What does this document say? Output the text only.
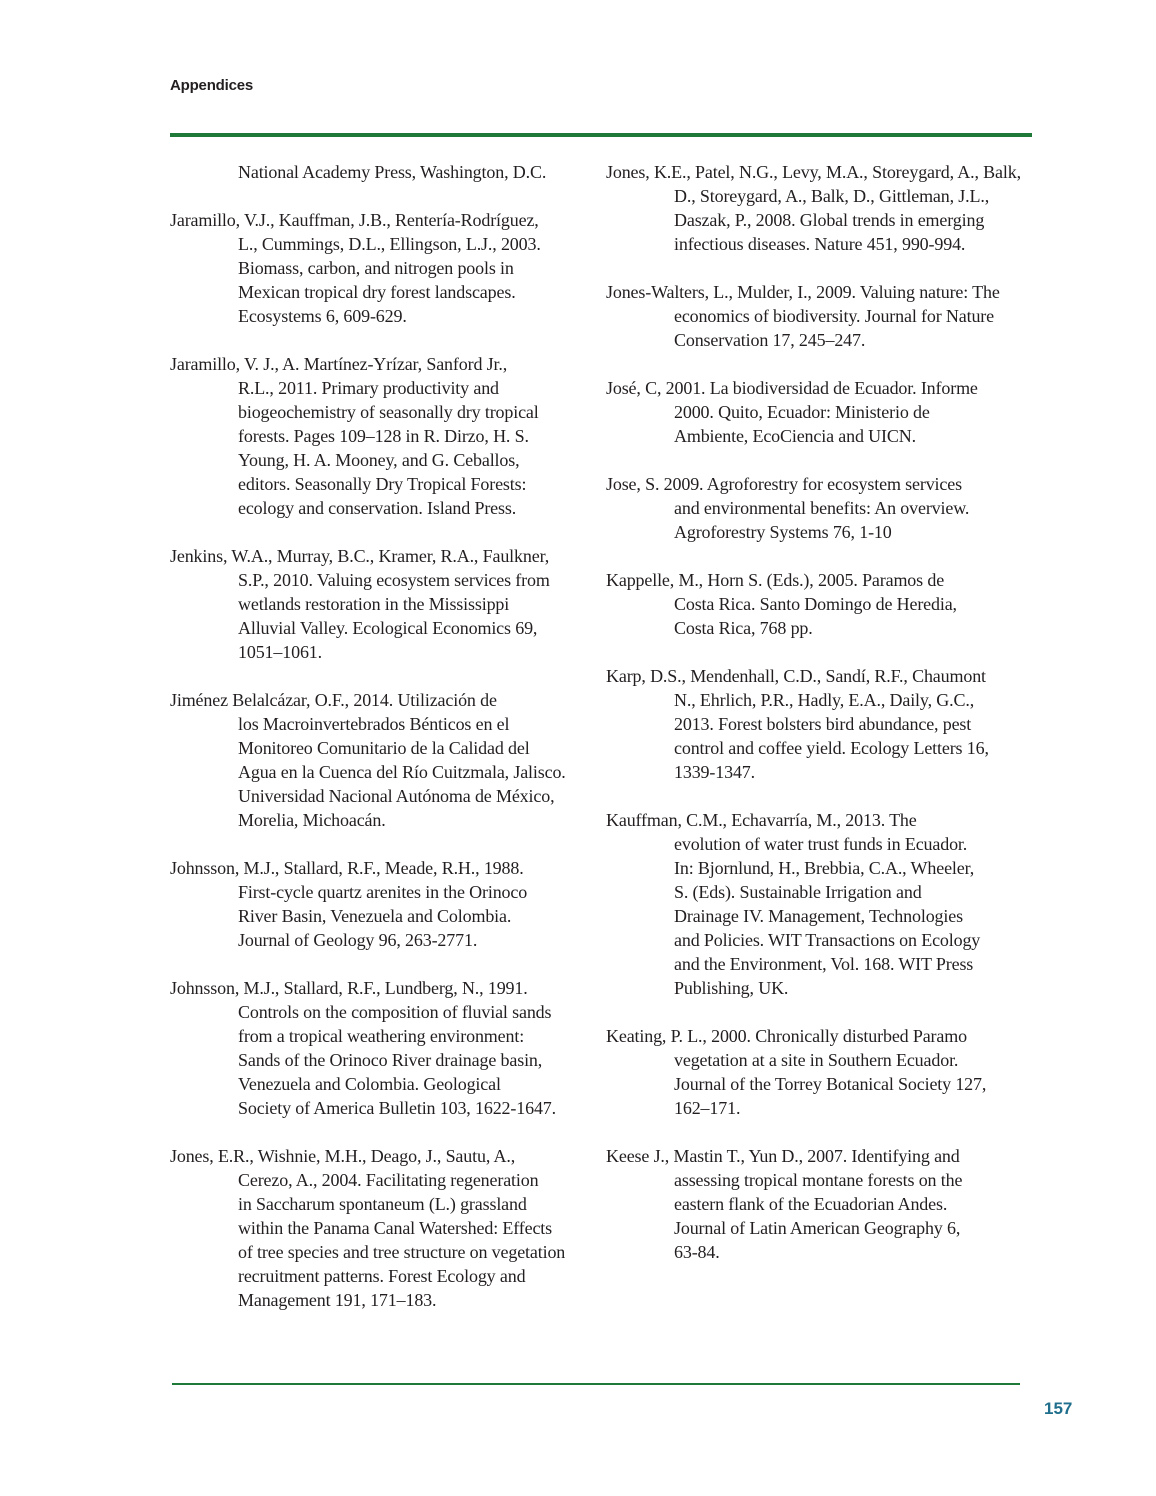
Appendices

National Academy Press, Washington, D.C.

Jaramillo, V.J., Kauffman, J.B., Rentería-Rodríguez,
L., Cummings, D.L., Ellingson, L.J., 2003.
Biomass, carbon, and nitrogen pools in
Mexican tropical dry forest landscapes.
Ecosystems 6, 609-629.

Jaramillo, V. J., A. Martínez-Yrízar, Sanford Jr.,
R.L., 2011. Primary productivity and
biogeochemistry of seasonally dry tropical
forests. Pages 109–128 in R. Dirzo, H. S.
Young, H. A. Mooney, and G. Ceballos,
editors. Seasonally Dry Tropical Forests:
ecology and conservation. Island Press.

Jenkins, W.A., Murray, B.C., Kramer, R.A., Faulkner,
S.P., 2010. Valuing ecosystem services from
wetlands restoration in the Mississippi
Alluvial Valley. Ecological Economics 69,
1051–1061.

Jiménez Belalcázar, O.F., 2014. Utilización de
los Macroinvertebrados Bénticos en el
Monitoreo Comunitario de la Calidad del
Agua en la Cuenca del Río Cuitzmala, Jalisco.
Universidad Nacional Autónoma de México,
Morelia, Michoacán.

Johnsson, M.J., Stallard, R.F., Meade, R.H., 1988.
First-cycle quartz arenites in the Orinoco
River Basin, Venezuela and Colombia.
Journal of Geology 96, 263-2771.

Johnsson, M.J., Stallard, R.F., Lundberg, N., 1991.
Controls on the composition of fluvial sands
from a tropical weathering environment:
Sands of the Orinoco River drainage basin,
Venezuela and Colombia. Geological
Society of America Bulletin 103, 1622-1647.

Jones, E.R., Wishnie, M.H., Deago, J., Sautu, A.,
Cerezo, A., 2004. Facilitating regeneration
in Saccharum spontaneum (L.) grassland
within the Panama Canal Watershed: Effects
of tree species and tree structure on vegetation
recruitment patterns. Forest Ecology and
Management 191, 171–183.

Jones, K.E., Patel, N.G., Levy, M.A., Storeygard, A., Balk,
D., Storeygard, A., Balk, D., Gittleman, J.L.,
Daszak, P., 2008. Global trends in emerging
infectious diseases. Nature 451, 990-994.

Jones-Walters, L., Mulder, I., 2009. Valuing nature: The
economics of biodiversity. Journal for Nature
Conservation 17, 245–247.

José, C, 2001. La biodiversidad de Ecuador. Informe
2000. Quito, Ecuador: Ministerio de
Ambiente, EcoCiencia and UICN.

Jose, S. 2009. Agroforestry for ecosystem services
and environmental benefits: An overview.
Agroforestry Systems 76, 1-10

Kappelle, M., Horn S. (Eds.), 2005. Paramos de
Costa Rica. Santo Domingo de Heredia,
Costa Rica, 768 pp.

Karp, D.S., Mendenhall, C.D., Sandí, R.F., Chaumont
N., Ehrlich, P.R., Hadly, E.A., Daily, G.C.,
2013. Forest bolsters bird abundance, pest
control and coffee yield. Ecology Letters 16,
1339-1347.

Kauffman, C.M., Echavarría, M., 2013. The
evolution of water trust funds in Ecuador.
In: Bjornlund, H., Brebbia, C.A., Wheeler,
S. (Eds). Sustainable Irrigation and
Drainage IV. Management, Technologies
and Policies. WIT Transactions on Ecology
and the Environment, Vol. 168. WIT Press
Publishing, UK.

Keating, P. L., 2000. Chronically disturbed Paramo
vegetation at a site in Southern Ecuador.
Journal of the Torrey Botanical Society 127,
162–171.

Keese J., Mastin T., Yun D., 2007. Identifying and
assessing tropical montane forests on the
eastern flank of the Ecuadorian Andes.
Journal of Latin American Geography 6,
63-84.

157
